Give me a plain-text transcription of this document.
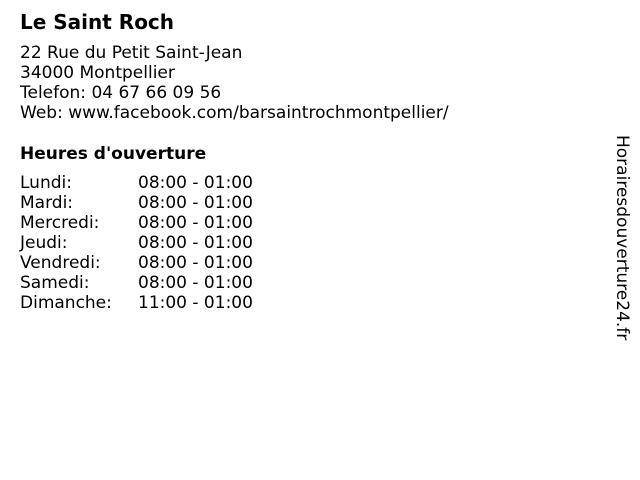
Le Saint Roch
22 Rue du Petit Saint-Jean
34000 Montpellier
Telefon: 04 67 66 09 56
Web: www.facebook.com/barsaintrochmontpellier/
Heures d'ouverture
Lundi:	08:00 - 01:00
Mardi:	08:00 - 01:00
Mercredi:	08:00 - 01:00
Jeudi:	08:00 - 01:00
Vendredi:	08:00 - 01:00
Samedi:	08:00 - 01:00
Dimanche:	11:00 - 01:00	Horairesdouverture24.fr
